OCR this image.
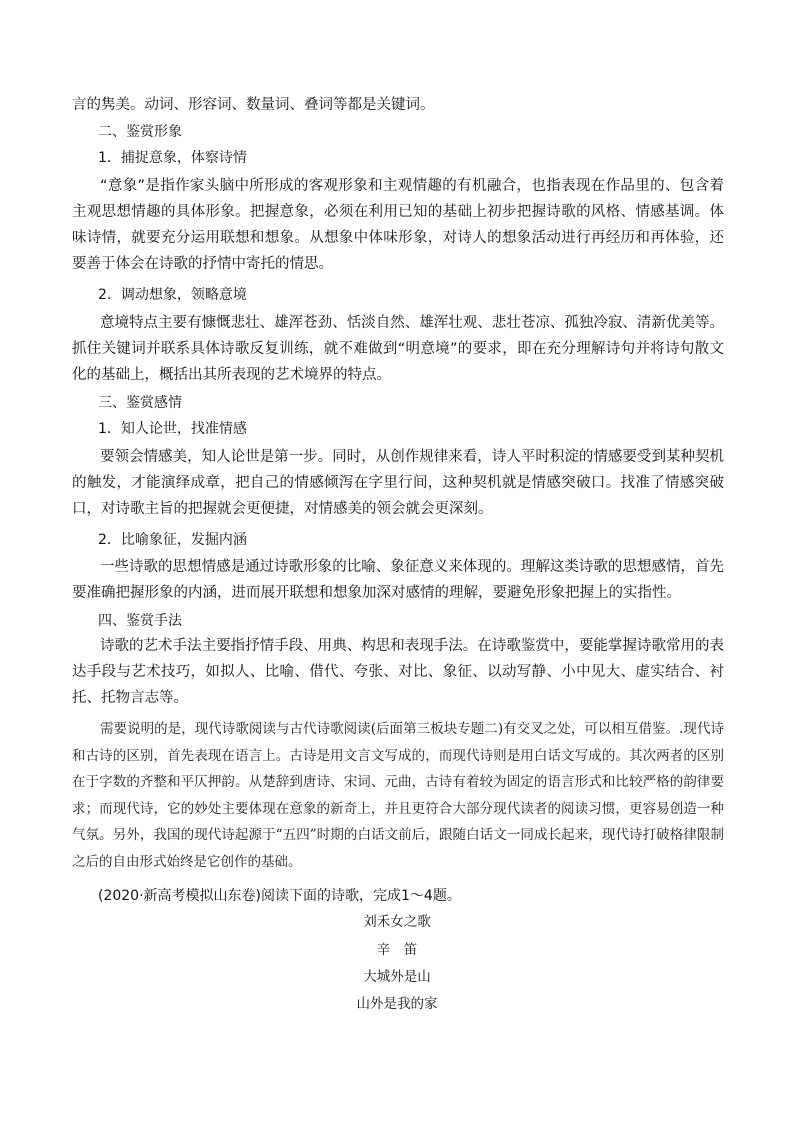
言的隽美。动词、形容词、数量词、叠词等都是关键词。

二、鉴赏形象

1．捕捉意象，体察诗情

“意象”是指作家头脑中所形成的客观形象和主观情趣的有机融合，也指表现在作品里的、包含着主观思想情趣的具体形象。把握意象，必须在利用已知的基础上初步把握诗歌的风格、情感基调。体味诗情，就要充分运用联想和想象。从想象中体味形象，对诗人的想象活动进行再经历和再体验，还要善于体会在诗歌的抒情中寄托的情思。

2．调动想象，领略意境

意境特点主要有慷慨悲壮、雄浑苍劲、恬淡自然、雄浑壮观、悲壮苍凉、孤独冷寂、清新优美等。抓住关键词并联系具体诗歌反复训练，就不难做到“明意境”的要求，即在充分理解诗句并将诗句散文化的基础上，概括出其所表现的艺术境界的特点。

三、鉴赏感情

1．知人论世，找准情感

要领会情感美，知人论世是第一步。同时，从创作规律来看，诗人平时积淀的情感要受到某种契机的触发，才能演绎成章，把自己的情感倾泻在字里行间，这种契机就是情感突破口。找准了情感突破口，对诗歌主旨的把握就会更便捷，对情感美的领会就会更深刻。

2．比喻象征，发掘内涵

一些诗歌的思想情感是通过诗歌形象的比喻、象征意义来体现的。理解这类诗歌的思想感情，首先要准确把握形象的内涵，进而展开联想和想象加深对感情的理解，要避免形象把握上的实指性。

四、鉴赏手法

诗歌的艺术手法主要指抒情手段、用典、构思和表现手法。在诗歌鉴赏中，要能掌握诗歌常用的表达手段与艺术技巧，如拟人、比喻、借代、夸张、对比、象征、以动写静、小中见大、虚实结合、衬托、托物言志等。

需要说明的是，现代诗歌阅读与古代诗歌阅读(后面第三板块专题二)有交叉之处，可以相互借鉴。.现代诗和古诗的区别，首先表现在语言上。古诗是用文言文写成的，而现代诗则是用白话文写成的。其次两者的区别在于字数的齐整和平仄押韵。从楚辞到唐诗、宋词、元曲，古诗有着较为固定的语言形式和比较严格的韵律要求；而现代诗，它的妙处主要体现在意象的新奇上，并且更符合大部分现代读者的阅读习惯，更容易创造一种气氛。另外，我国的现代诗起源于“五四”时期的白话文前后，跟随白话文一同成长起来，现代诗打破格律限制之后的自由形式始终是它创作的基础。

(2020·新高考模拟山东卷)阅读下面的诗歌，完成1～4题。

刘禾女之歌

辛　笛

大城外是山

山外是我的家
